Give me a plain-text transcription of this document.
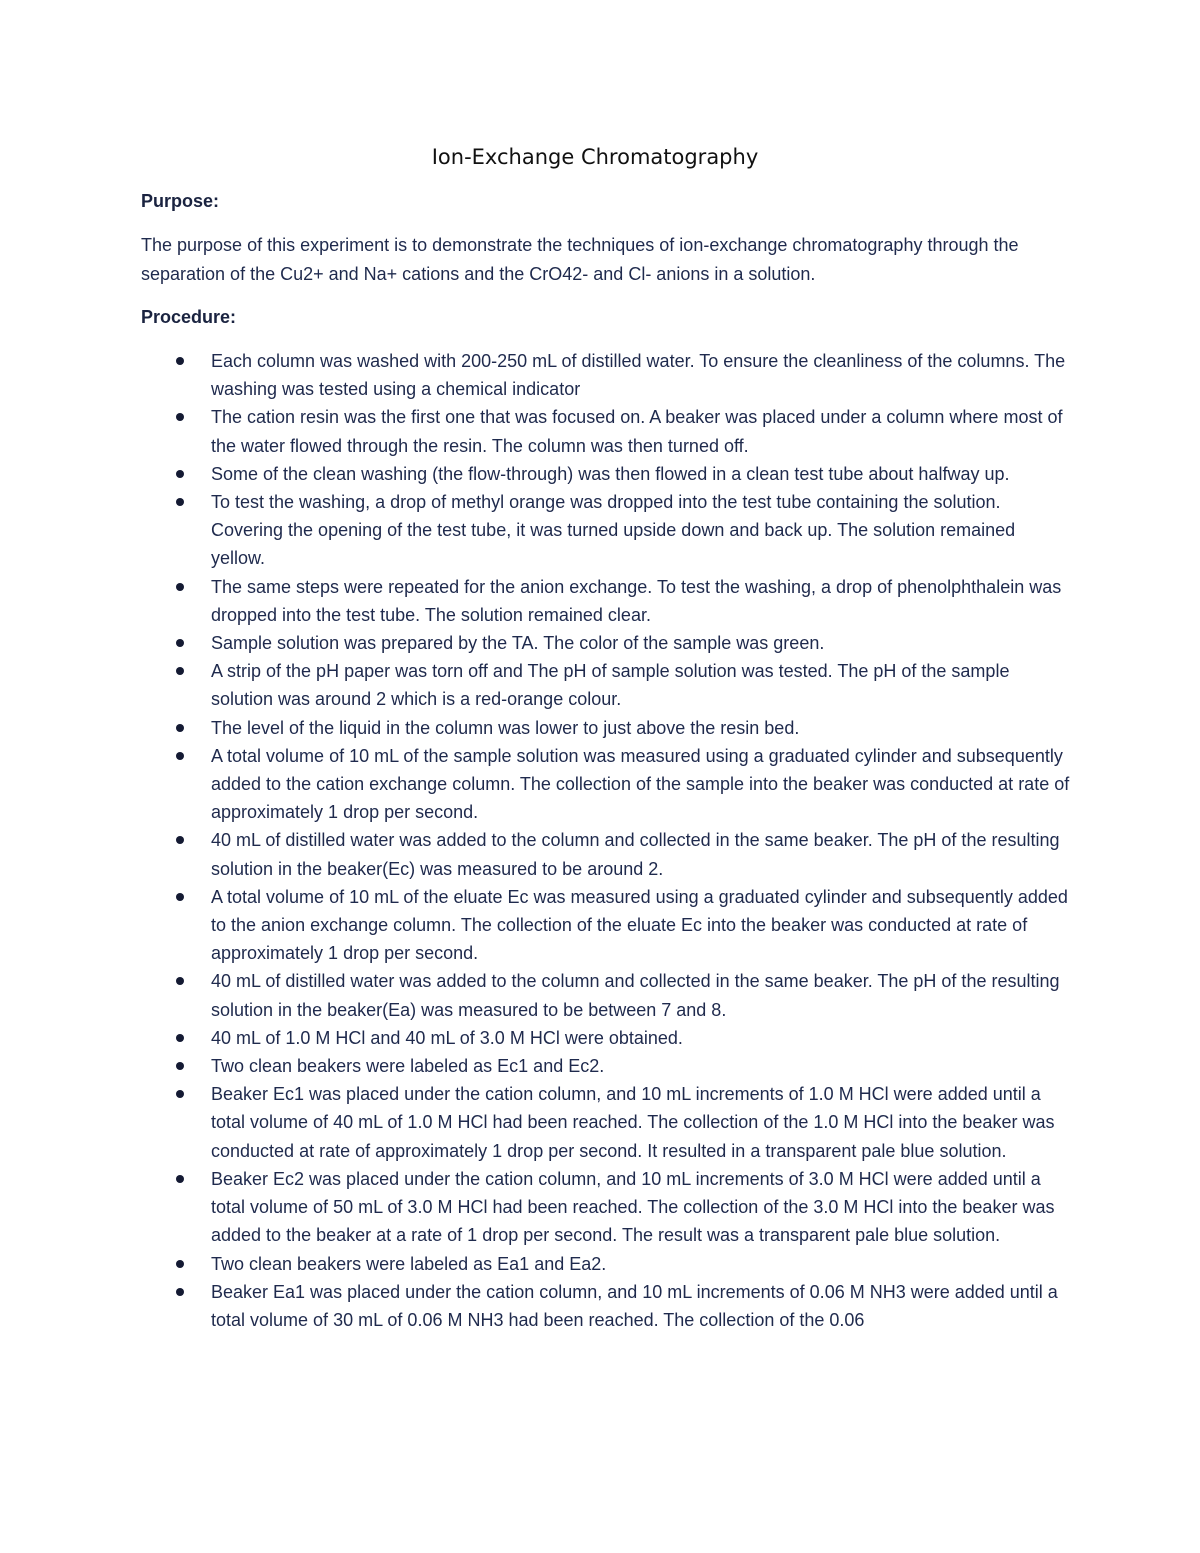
Ion-Exchange Chromatography
Purpose:
The purpose of this experiment is to demonstrate the techniques of ion-exchange chromatography through the separation of the Cu2+ and Na+ cations and the CrO42- and Cl- anions in a solution.
Procedure:
Each column was washed with 200-250 mL of distilled water. To ensure the cleanliness of the columns. The washing was tested using a chemical indicator
The cation resin was the first one that was focused on. A beaker was placed under a column where most of the water flowed through the resin. The column was then turned off.
Some of the clean washing (the flow-through) was then flowed in a clean test tube about halfway up.
To test the washing, a drop of methyl orange was dropped into the test tube containing the solution. Covering the opening of the test tube, it was turned upside down and back up. The solution remained yellow.
The same steps were repeated for the anion exchange. To test the washing, a drop of phenolphthalein was dropped into the test tube. The solution remained clear.
Sample solution was prepared by the TA. The color of the sample was green.
A strip of the pH paper was torn off and The pH of sample solution was tested. The pH of the sample solution was around 2 which is a red-orange colour.
The level of the liquid in the column was lower to just above the resin bed.
A total volume of 10 mL of the sample solution was measured using a graduated cylinder and subsequently added to the cation exchange column. The collection of the sample into the beaker was conducted at rate of approximately 1 drop per second.
40 mL of distilled water was added to the column and collected in the same beaker. The pH of the resulting solution in the beaker(Ec) was measured to be around 2.
A total volume of 10 mL of the eluate Ec was measured using a graduated cylinder and subsequently added to the anion exchange column. The collection of the eluate Ec into the beaker was conducted at rate of approximately 1 drop per second.
40 mL of distilled water was added to the column and collected in the same beaker. The pH of the resulting solution in the beaker(Ea) was measured to be between 7 and 8.
40 mL of 1.0 M HCl and 40 mL of 3.0 M HCl were obtained.
Two clean beakers were labeled as Ec1 and Ec2.
Beaker Ec1 was placed under the cation column, and 10 mL increments of 1.0 M HCl were added until a total volume of 40 mL of 1.0 M HCl had been reached. The collection of the 1.0 M HCl into the beaker was conducted at rate of approximately 1 drop per second. It resulted in a transparent pale blue solution.
Beaker Ec2 was placed under the cation column, and 10 mL increments of 3.0 M HCl were added until a total volume of 50 mL of 3.0 M HCl had been reached. The collection of the 3.0 M HCl into the beaker was added to the beaker at a rate of 1 drop per second. The result was a transparent pale blue solution.
Two clean beakers were labeled as Ea1 and Ea2.
Beaker Ea1 was placed under the cation column, and 10 mL increments of 0.06 M NH3 were added until a total volume of 30 mL of 0.06 M NH3 had been reached. The collection of the 0.06
